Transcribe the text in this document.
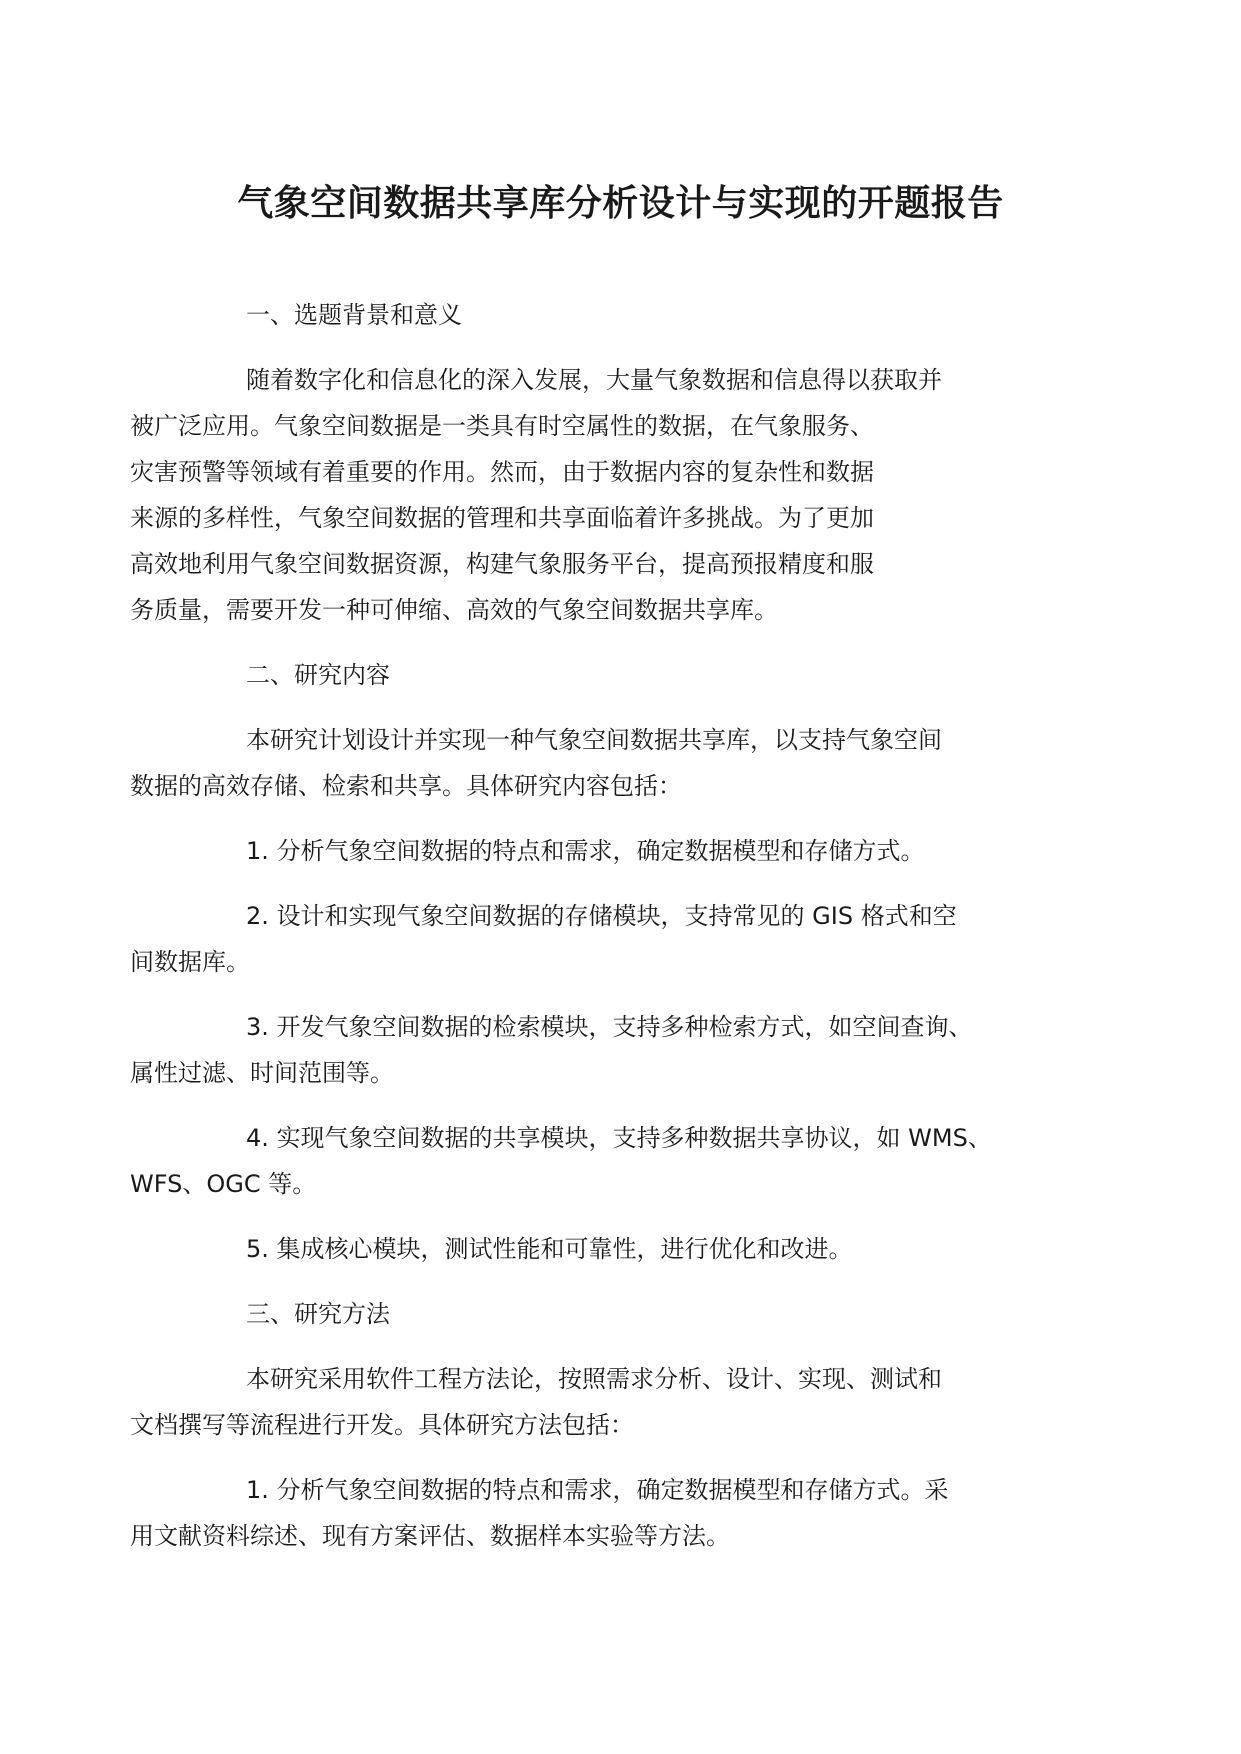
气象空间数据共享库分析设计与实现的开题报告
一、选题背景和意义
随着数字化和信息化的深入发展，大量气象数据和信息得以获取并
被广泛应用。气象空间数据是一类具有时空属性的数据，在气象服务、
灾害预警等领域有着重要的作用。然而，由于数据内容的复杂性和数据
来源的多样性，气象空间数据的管理和共享面临着许多挑战。为了更加
高效地利用气象空间数据资源，构建气象服务平台，提高预报精度和服
务质量，需要开发一种可伸缩、高效的气象空间数据共享库。
二、研究内容
本研究计划设计并实现一种气象空间数据共享库，以支持气象空间
数据的高效存储、检索和共享。具体研究内容包括：
1. 分析气象空间数据的特点和需求，确定数据模型和存储方式。
2. 设计和实现气象空间数据的存储模块，支持常见的 GIS 格式和空
间数据库。
3. 开发气象空间数据的检索模块，支持多种检索方式，如空间查询、
属性过滤、时间范围等。
4. 实现气象空间数据的共享模块，支持多种数据共享协议，如 WMS、
WFS、OGC 等。
5. 集成核心模块，测试性能和可靠性，进行优化和改进。
三、研究方法
本研究采用软件工程方法论，按照需求分析、设计、实现、测试和
文档撰写等流程进行开发。具体研究方法包括：
1. 分析气象空间数据的特点和需求，确定数据模型和存储方式。采
用文献资料综述、现有方案评估、数据样本实验等方法。
